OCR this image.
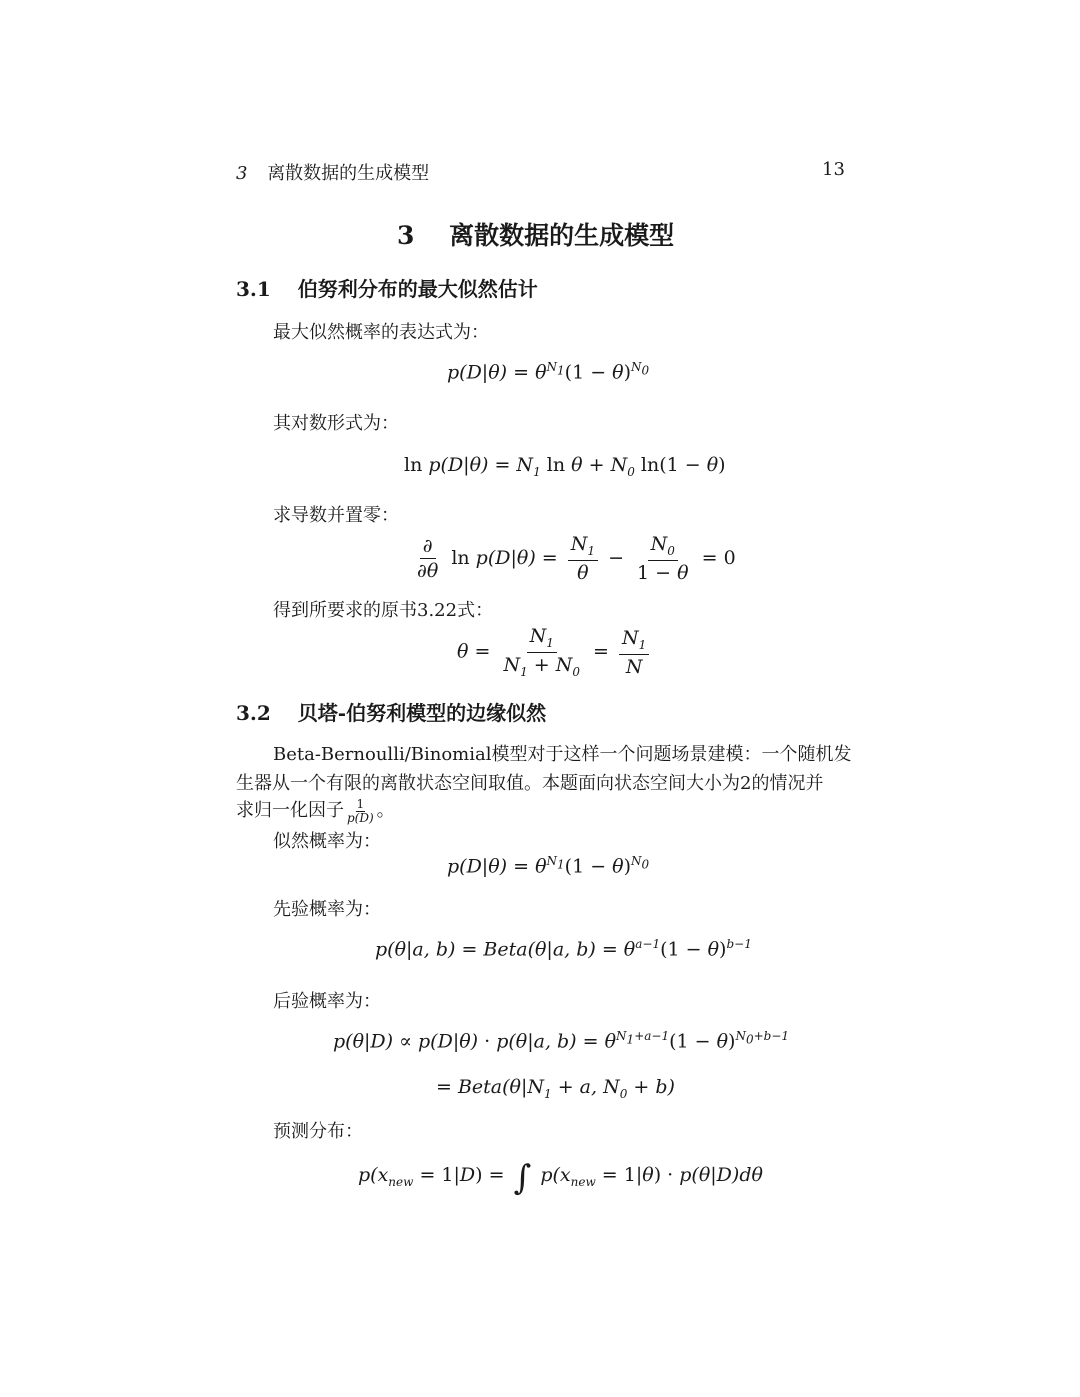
3 离散数据的生成模型	13
3 离散数据的生成模型
3.1 伯努利分布的最大似然估计
最大似然概率的表达式为：
$p(D|\theta) = \theta^{N_1}(1 - \theta)^{N_0}$
其对数形式为：
$\ln p(D|\theta) = N_1$ $\ln \theta + N_0$ ln(1 − θ)
求导数并置零：
$\frac{\partial}{\partial\theta}$ $\ln p(D|\theta) = \frac{N_1}{\theta} - \frac{N_0}{1 - \theta} = 0$
得到所要求的原书3.22式：
$\theta = \frac{N_1}{N_1 + N_0} = \frac{N_1}{N}$
3.2 贝塔-伯努利模型的边缘似然
Beta-Bernoulli/Binomial模型对于这样一个问题场景建模：一个随机发
生器从一个有限的离散状态空间取值。本题面向状态空间大小为2的情况并
求归一化因子 $\frac{1}{p(D)}$ 。
似然概率为：
$p(D|\theta) = \theta^{N_1}(1 - \theta)^{N_0}$
先验概率为：
p(θ|a, b) = Beta(θ|a, $b) = \theta^{a-1}(1 - \theta)^{b-1}$
后验概率为：
p(θ|D) ∝ p(D|θ) · p(θ|a, $b) = \theta^{N_1+a-1}(1 - \theta)^{N_0+b-1}$
= $Beta(\theta|N_1 + a$, $N_0 + b$)
预测分布：
$p(x_{new} = 1|D)$ = ∫ $p(x_{new} = 1|\theta) \cdot p(\theta|D)d\theta$
